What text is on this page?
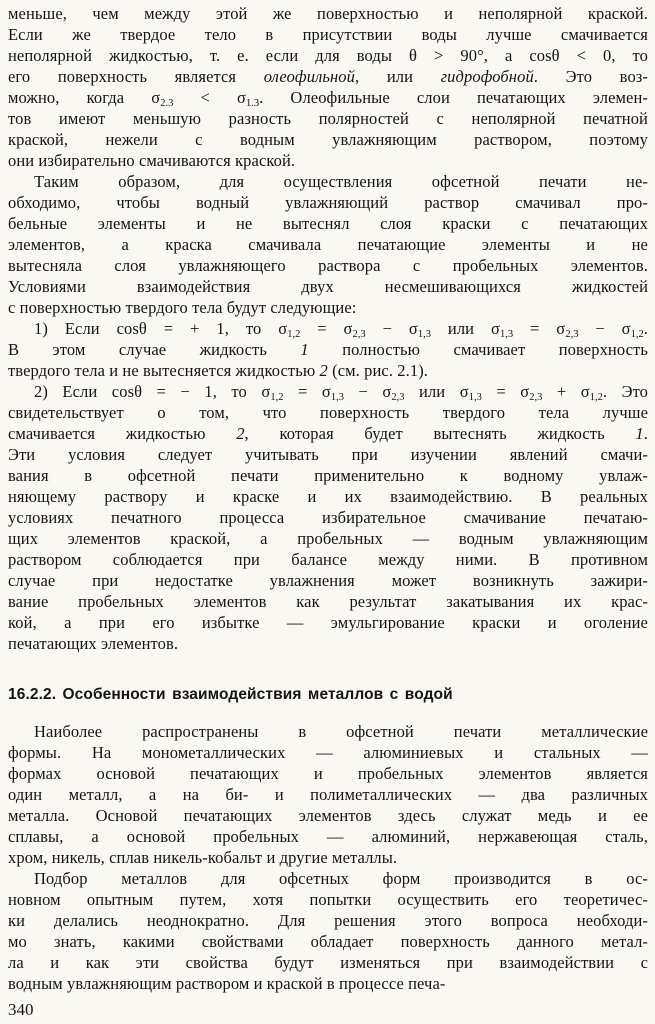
меньше, чем между этой же поверхностью и неполярной краской.
Если же твердое тело в присутствии воды лучше смачивается
неполярной жидкостью, т. е. если для воды θ > 90°, а cosθ < 0, то
его поверхность является олеофильной, или гидрофобной. Это воз-
можно, когда σ2.3 < σ1.3. Олеофильные слои печатающих элемен-
тов имеют меньшую разность полярностей с неполярной печатной
краской, нежели с водным увлажняющим раствором, поэтому
они избирательно смачиваются краской.
Таким образом, для осуществления офсетной печати не-
обходимо, чтобы водный увлажняющий раствор смачивал про-
бельные элементы и не вытеснял слоя краски с печатающих
элементов, а краска смачивала печатающие элементы и не
вытесняла слоя увлажняющего раствора с пробельных элементов.
Условиями взаимодействия двух несмешивающихся жидкостей
с поверхностью твердого тела будут следующие:
1) Если cosθ = + 1, то σ1,2 = σ2,3 − σ1,3 или σ1,3 = σ2,3 − σ1,2.
В этом случае жидкость 1 полностью смачивает поверхность
твердого тела и не вытесняется жидкостью 2 (см. рис. 2.1).
2) Если cosθ = − 1, то σ1,2 = σ1,3 − σ2,3 или σ1,3 = σ2,3 + σ1,2. Это
свидетельствует о том, что поверхность твердого тела лучше
смачивается жидкостью 2, которая будет вытеснять жидкость 1.
Эти условия следует учитывать при изучении явлений смачи-
вания в офсетной печати применительно к водному увлаж-
няющему раствору и краске и их взаимодействию. В реальных
условиях печатного процесса избирательное смачивание печатаю-
щих элементов краской, а пробельных — водным увлажняющим
раствором соблюдается при балансе между ними. В противном
случае при недостатке увлажнения может возникнуть зажири-
вание пробельных элементов как результат закатывания их крас-
кой, а при его избытке — эмульгирование краски и оголение
печатающих элементов.
16.2.2. Особенности взаимодействия металлов с водой
Наиболее распространены в офсетной печати металлические
формы. На монометаллических — алюминиевых и стальных —
формах основой печатающих и пробельных элементов является
один металл, а на би- и полиметаллических — два различных
металла. Основой печатающих элементов здесь служат медь и ее
сплавы, а основой пробельных — алюминий, нержавеющая сталь,
хром, никель, сплав никель-кобальт и другие металлы.
Подбор металлов для офсетных форм производится в ос-
новном опытным путем, хотя попытки осуществить его теоретичес-
ки делались неоднократно. Для решения этого вопроса необходи-
мо знать, какими свойствами обладает поверхность данного метал-
ла и как эти свойства будут изменяться при взаимодействии с
водным увлажняющим раствором и краской в процессе печа-
340
